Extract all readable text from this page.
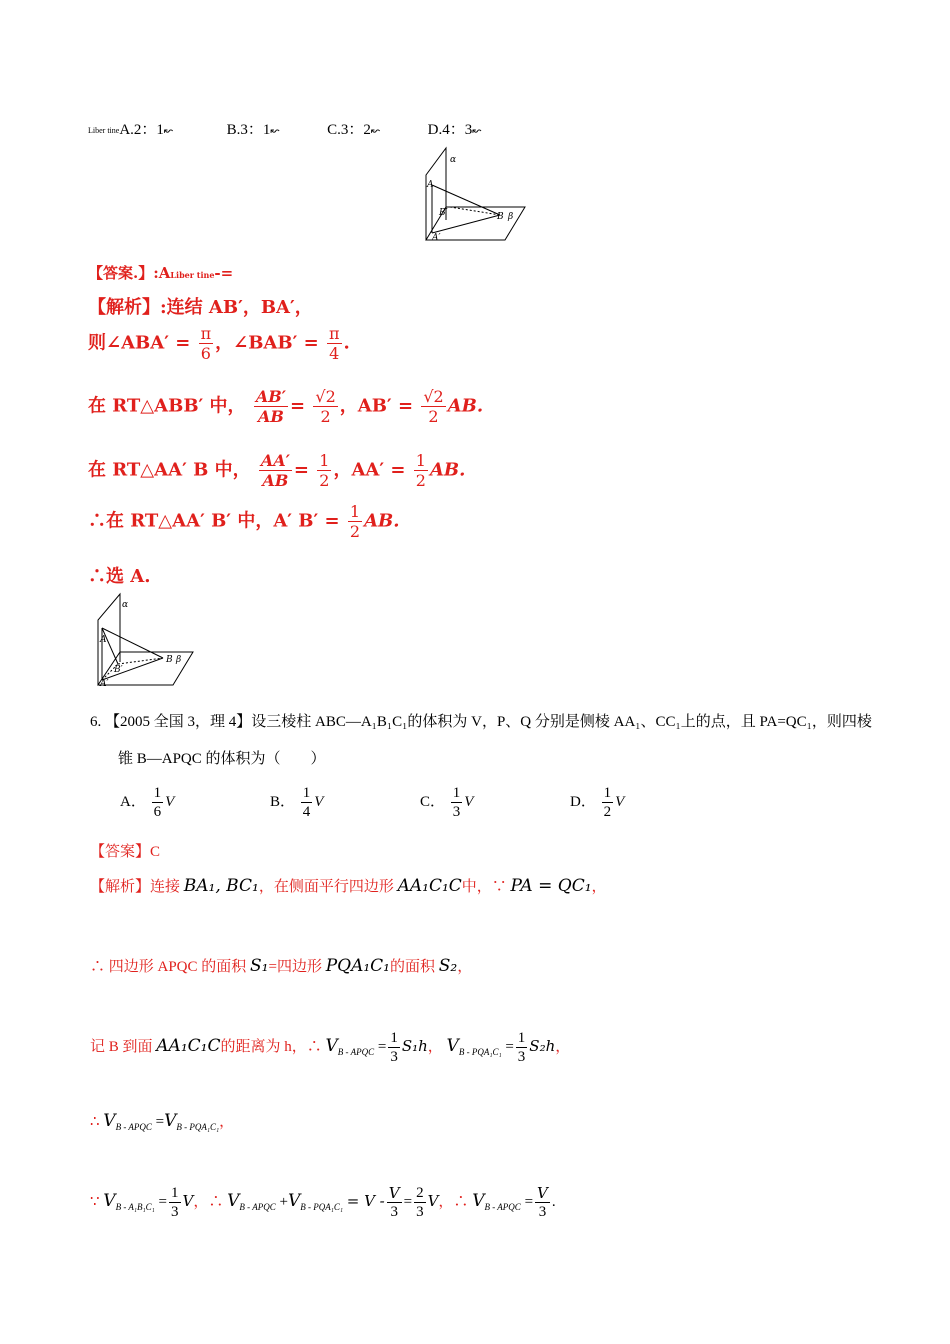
Liber tineA.2：1↜	B.3：1↜	C.3：2↜	D.4：3↜
α
A
B′	B β
A′
【答案.】:ALiber tine-=
【解析】:连结 AB′，BA′，
则∠ABA′ = $\frac{\pi}{6}$ ，∠BAB′ = $\frac{\pi}{4}$ .
在 RT△ABB′ 中， $\frac{AB'}{AB} = \frac{√2}{2}$ ，$AB' = \frac{√2}{2}$ AB.
在 RT△AA′ B 中， $\frac{AA'}{AB} = \frac{1}{2}$ ，$AA' = \frac{1}{2}$ AB.
∴在 RT△AA′ B′ 中，A′ $B' = \frac{1}{2}$ AB.
∴选 A.
α
A
B′
B β
A′
6. 【2005 全国 3，理 4】设三棱柱 ABC—A₁B₁C₁的体积为 V，P、Q 分别是侧棱 AA₁、CC₁上的点，且 PA=QC₁，则四棱
锥 B—APQC 的体积为（　　）
A． $\frac{1}{6}$ V	B． $\frac{1}{4}$ V	C． $\frac{1}{3}$ V	D． $\frac{1}{2}$ V
【答案】C
【解析】连接 BA₁, BC₁，在侧面平行四边形 AA₁C₁C中，∵ PA = QC₁，
∴ 四边形 APQC 的面积 S₁=四边形 PQA₁C₁的面积 S₂，
记 B 到面 AA₁C₁C的距离为 h，∴ $V_{B - APQC} = \frac{1}{3} S_1h$， $V_{B - PQA_1C_1} = \frac{1}{3} S_2h$，
∴ $V_{B - APQC} =V_{B - PQA_1C_1}$，
∵ $V_{B - A_1B_1C_1} = \frac{1}{3}$ V，∴ $V_{B - APQC} +V_{B - PQA_1C_1} = V - \frac{V}{3} = \frac{2}{3}$ V，∴ $V_{B - APQC} = \frac{V}{3}$ .
